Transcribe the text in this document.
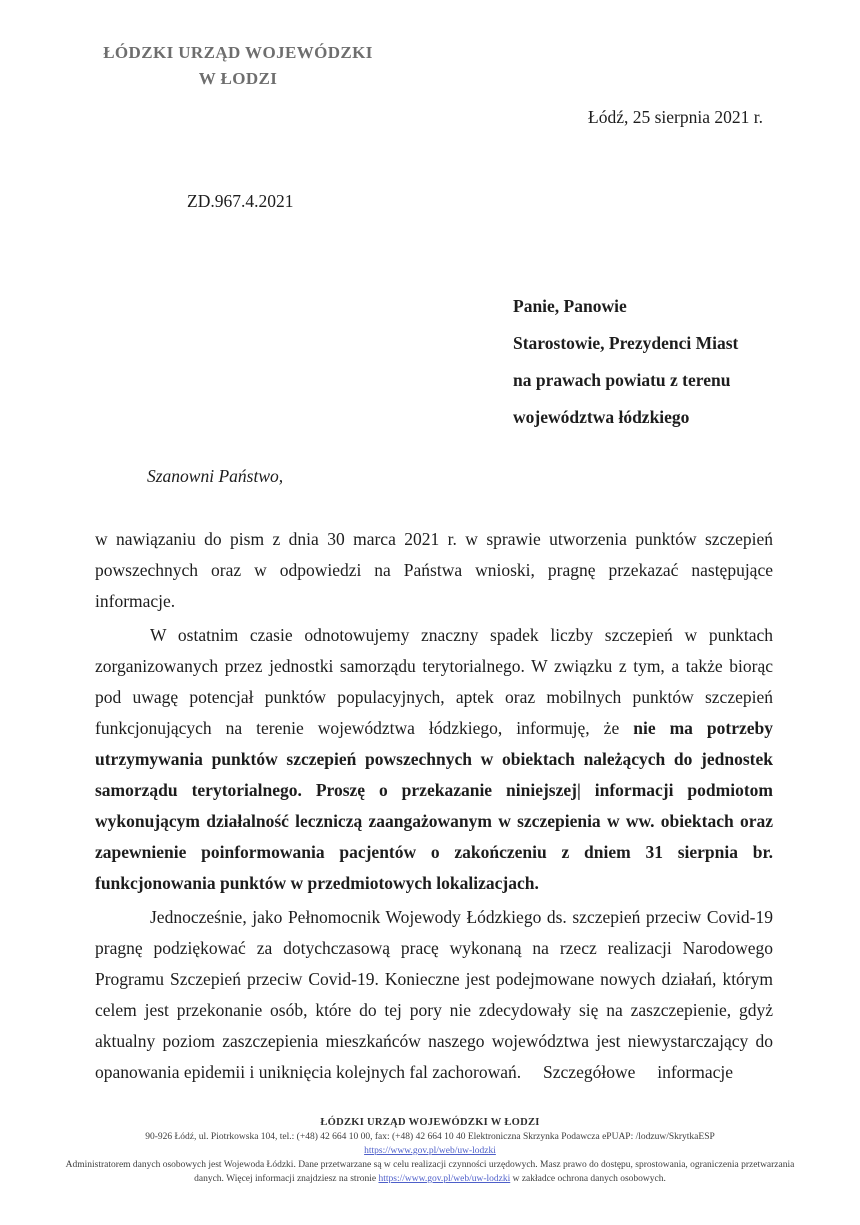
ŁÓDZKI URZĄD WOJEWÓDZKI
W ŁODZI
Łódź, 25 sierpnia 2021 r.
ZD.967.4.2021
Panie, Panowie
Starostowie, Prezydenci Miast
na prawach powiatu z terenu
województwa łódzkiego
Szanowni Państwo,

w nawiązaniu do pism z dnia 30 marca 2021 r. w sprawie utworzenia punktów szczepień powszechnych oraz w odpowiedzi na Państwa wnioski, pragnę przekazać następujące informacje.

W ostatnim czasie odnotowujemy znaczny spadek liczby szczepień w punktach zorganizowanych przez jednostki samorządu terytorialnego. W związku z tym, a także biorąc pod uwagę potencjał punktów populacyjnych, aptek oraz mobilnych punktów szczepień funkcjonujących na terenie województwa łódzkiego, informuję, że nie ma potrzeby utrzymywania punktów szczepień powszechnych w obiektach należących do jednostek samorządu terytorialnego. Proszę o przekazanie niniejszej| informacji podmiotom wykonującym działalność leczniczą zaangażowanym w szczepienia w ww. obiektach oraz zapewnienie poinformowania pacjentów o zakończeniu z dniem 31 sierpnia br. funkcjonowania punktów w przedmiotowych lokalizacjach.

Jednocześnie, jako Pełnomocnik Wojewody Łódzkiego ds. szczepień przeciw Covid-19 pragnę podziękować za dotychczasową pracę wykonaną na rzecz realizacji Narodowego Programu Szczepień przeciw Covid-19. Konieczne jest podejmowane nowych działań, którym celem jest przekonanie osób, które do tej pory nie zdecydowały się na zaszczepienie, gdyż aktualny poziom zaszczepienia mieszkańców naszego województwa jest niewystarczający do opanowania epidemii i uniknięcia kolejnych fal zachorowań.     Szczegółowe     informacje

ŁÓDZKI URZĄD WOJEWÓDZKI W ŁODZI
90-926 Łódź, ul. Piotrkowska 104, tel.: (+48) 42 664 10 00, fax: (+48) 42 664 10 40 Elektroniczna Skrzynka Podawcza ePUAP: /lodzuw/SkrytkaESP
https://www.gov.pl/web/uw-lodzki
Administratorem danych osobowych jest Wojewoda Łódzki. Dane przetwarzane są w celu realizacji czynności urzędowych. Masz prawo do dostępu, sprostowania, ograniczenia przetwarzania danych. Więcej informacji znajdziesz na stronie https://www.gov.pl/web/uw-lodzki w zakładce ochrona danych osobowych.
